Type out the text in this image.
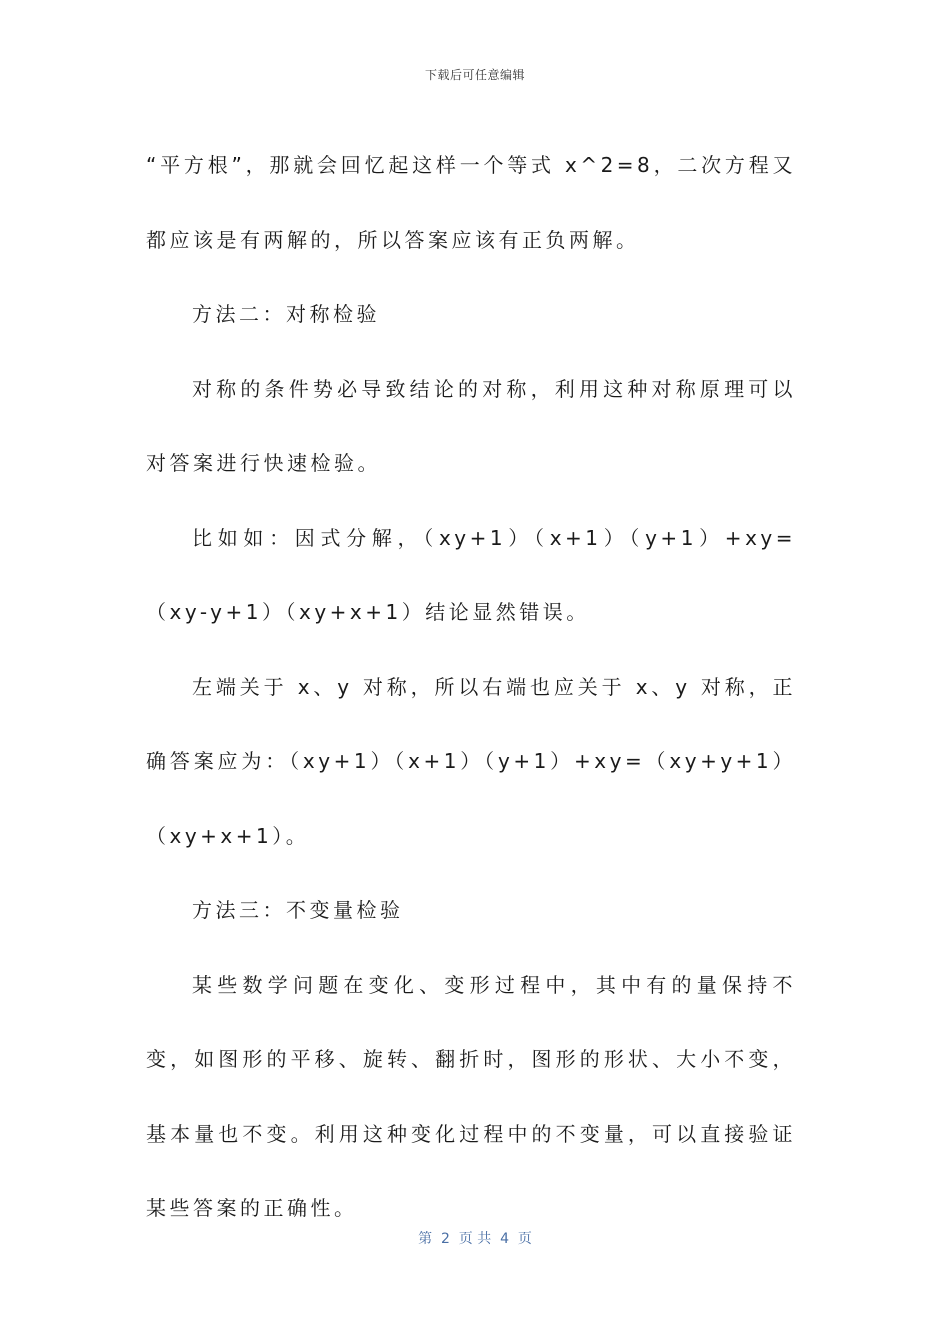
下载后可任意编辑

“平方根”，那就会回忆起这样一个等式 x^2=8，二次方程又都应该是有两解的，所以答案应该有正负两解。

方法二：对称检验

对称的条件势必导致结论的对称，利用这种对称原理可以对答案进行快速检验。

比如如：因式分解，（xy+1）（x+1）（y+1）+xy=（xy-y+1）（xy+x+1）结论显然错误。

左端关于 x、y 对称，所以右端也应关于 x、y 对称，正确答案应为：（xy+1）（x+1）（y+1）+xy=（xy+y+1）（xy+x+1）。

方法三：不变量检验

某些数学问题在变化、变形过程中，其中有的量保持不变，如图形的平移、旋转、翻折时，图形的形状、大小不变，基本量也不变。利用这种变化过程中的不变量，可以直接验证某些答案的正确性。

第  2  页 共  4  页
